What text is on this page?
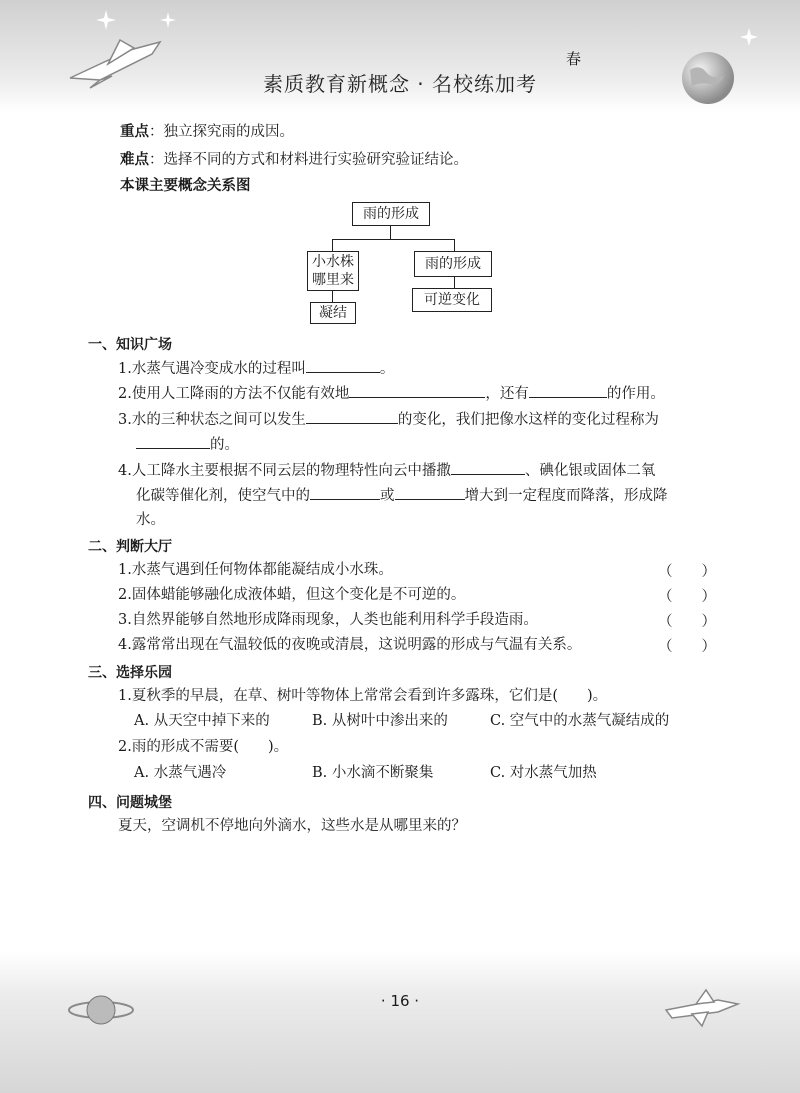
素质教育新概念 · 名校练加考
春
重点：独立探究雨的成因。
难点：选择不同的方式和材料进行实验研究验证结论。
本课主要概念关系图
雨的形成
小水株
哪里来
雨的形成
凝结
可逆变化
一、知识广场
1.水蒸气遇冷变成水的过程叫	。
2.使用人工降雨的方法不仅能有效地	，还有	的作用。
3.水的三种状态之间可以发生	的变化，我们把像水这样的变化过程称为
的。
4.人工降水主要根据不同云层的物理特性向云中播撒	、碘化银或固体二氧
化碳等催化剂，使空气中的	或	增大到一定程度而降落，形成降
水。
二、判断大厅
1.水蒸气遇到任何物体都能凝结成小水珠。	（　　）
2.固体蜡能够融化成液体蜡，但这个变化是不可逆的。	（　　）
3.自然界能够自然地形成降雨现象，人类也能利用科学手段造雨。	（　　）
4.露常常出现在气温较低的夜晚或清晨，这说明露的形成与气温有关系。	（　　）
三、选择乐园
1.夏秋季的早晨，在草、树叶等物体上常常会看到许多露珠，它们是(　　)。
A. 从天空中掉下来的	B. 从树叶中渗出来的	C. 空气中的水蒸气凝结成的
2.雨的形成不需要(　　)。
A. 水蒸气遇冷	B. 小水滴不断聚集	C. 对水蒸气加热
四、问题城堡
夏天，空调机不停地向外滴水，这些水是从哪里来的？
· 16 ·
